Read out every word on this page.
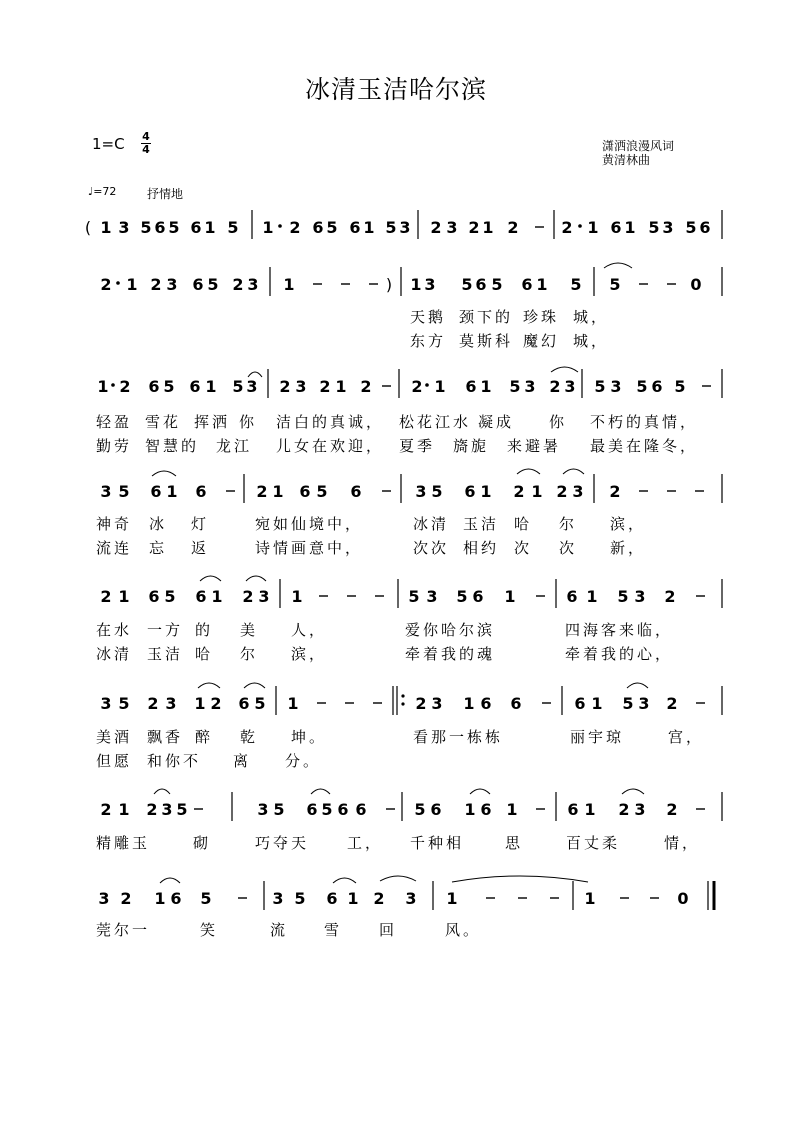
冰清玉洁哈尔滨
1=C 4
4	潇洒浪漫风词
黄清林曲
♩=72	抒情地
( 1 3 5 6 5 6 1 5 1 2 6 5 6 1 5 3 2 3 2 1 2	2 1 6 1 5 3 5 6
2 1 2 3 6 5 2 3 1	) 1 3 5 6 5 6 1 5 5	0
1 2 6 5 6 1 5 3 2 3 2 1 2 2 1 6 1 5 3 2 3 5 3 5 6 5
3 5 6 1 6	2 1 6 5 6	3 5 6 1 2 1 2 3 2
2 1 6 5 6 1 2 3 1	5 3 5 6 1	6 1 5 3 2
3 5 2 3 1 2 6 5 1	2 3 1 6 6	6 1 5 3 2
2 1 2 3 5	3 5 6 5 6 6	5 6 1 6 1	6 1 2 3 2
3 2 1 6 5	3 5 6 1 2 3 1	1	0
天鹅 颈下的 珍珠 城，
东方 莫斯科 魔幻 城，
轻盈 雪花 挥洒 你 洁白的真诚， 松花江水 凝成 你 不朽的真情，
勤劳 智慧的 龙江 儿女在欢迎， 夏季 旖旎 来避暑 最美在隆冬，
神奇 冰 灯	宛如仙境中，	冰清 玉洁 哈 尔 滨，
流连 忘 返	诗情画意中，	次次 相约 次 次 新，
在水 一方 的 美 人，	爱你哈尔滨	四海客来临，
冰清 玉洁 哈 尔 滨，	牵着我的魂	牵着我的心，
美酒 飘香 醉 乾 坤。	看那一栋栋	丽宇琼	宫，
但愿 和你不 离 分。
精雕玉	砌	巧夺天	工， 千种相	思	百丈柔	情，
莞尔一	笑	流 雪 回	风。
